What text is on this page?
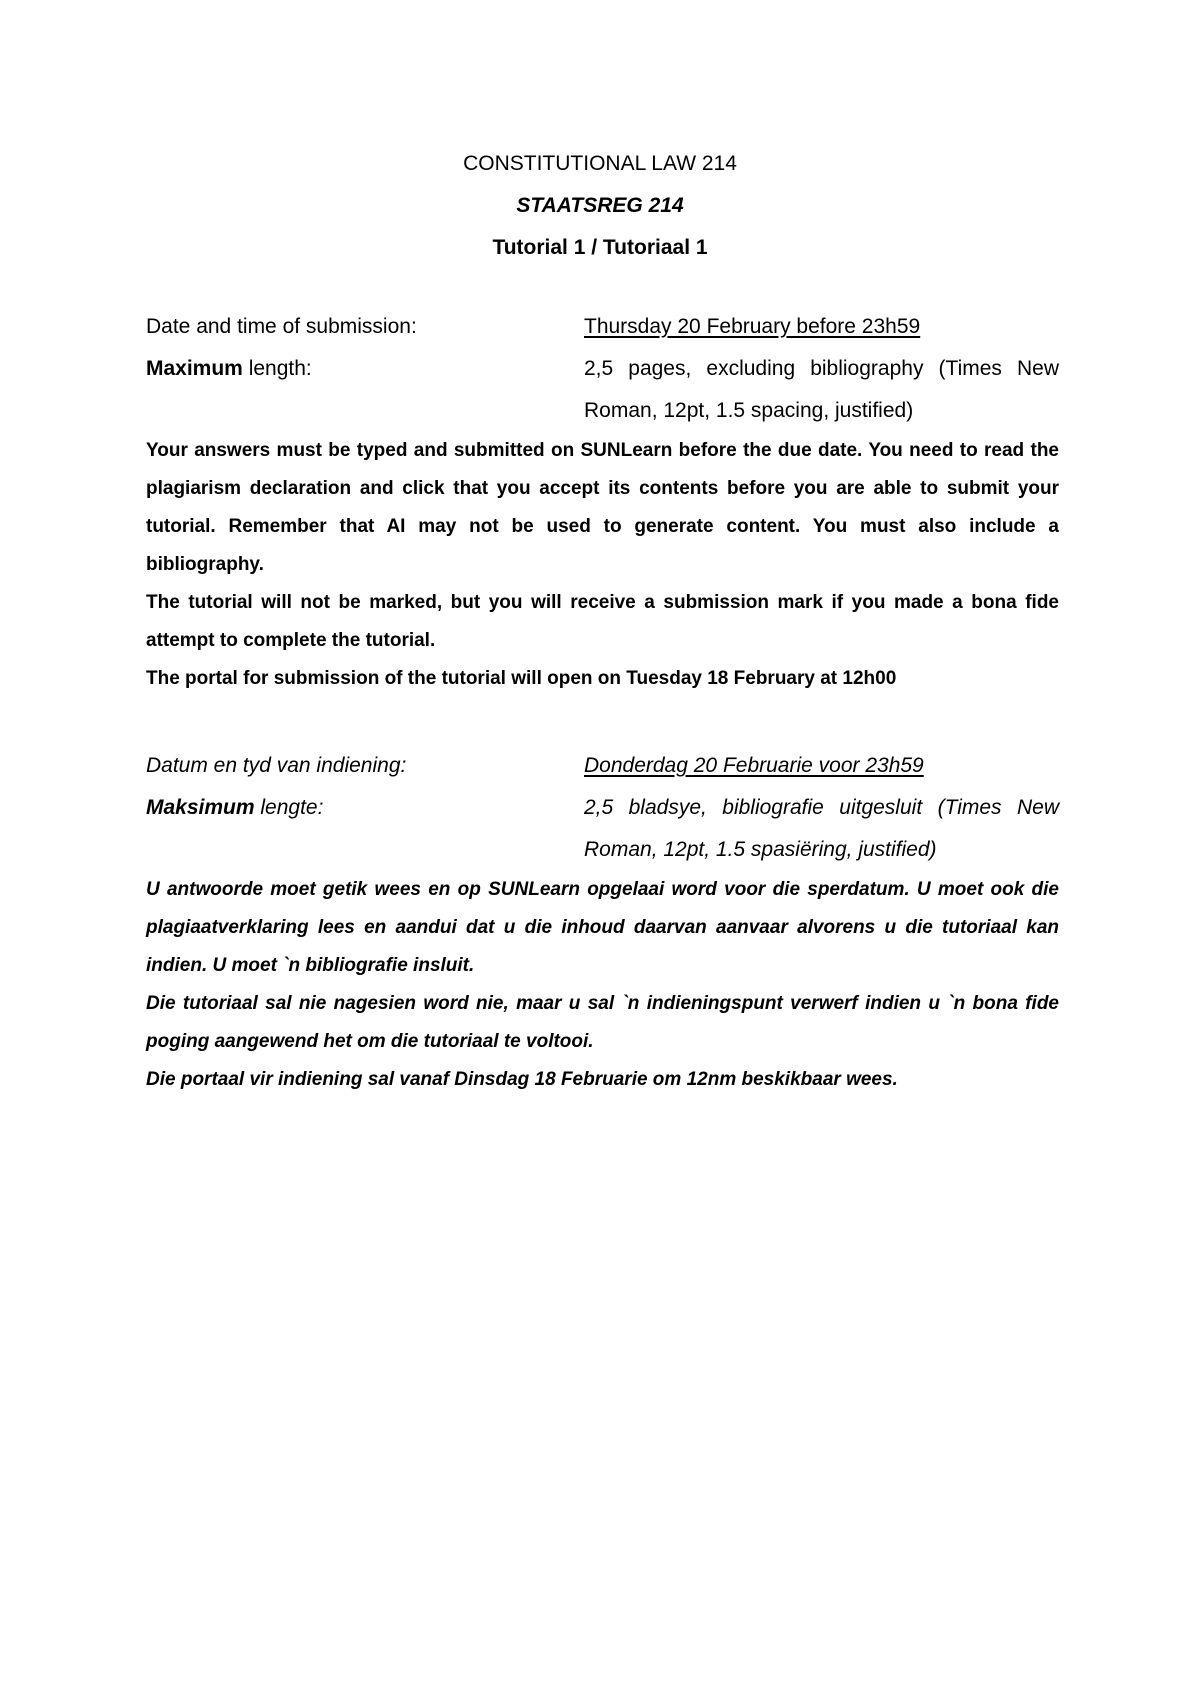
CONSTITUTIONAL LAW 214
STAATSREG 214
Tutorial 1 / Tutoriaal 1
Date and time of submission:	Thursday 20 February before 23h59
Maximum length:	2,5 pages, excluding bibliography (Times New Roman, 12pt, 1.5 spacing, justified)

Your answers must be typed and submitted on SUNLearn before the due date. You need to read the plagiarism declaration and click that you accept its contents before you are able to submit your tutorial. Remember that AI may not be used to generate content. You must also include a bibliography.

The tutorial will not be marked, but you will receive a submission mark if you made a bona fide attempt to complete the tutorial.

The portal for submission of the tutorial will open on Tuesday 18 February at 12h00

Datum en tyd van indiening:	Donderdag 20 Februarie voor 23h59
Maksimum lengte:	2,5 bladsye, bibliografie uitgesluit (Times New Roman, 12pt, 1.5 spasiëring, justified)

U antwoorde moet getik wees en op SUNLearn opgelaai word voor die sperdatum. U moet ook die plagiaatverklaring lees en aandui dat u die inhoud daarvan aanvaar alvorens u die tutoriaal kan indien. U moet `n bibliografie insluit.

Die tutoriaal sal nie nagesien word nie, maar u sal `n indieningspunt verwerf indien u `n bona fide poging aangewend het om die tutoriaal te voltooi.

Die portaal vir indiening sal vanaf Dinsdag 18 Februarie om 12nm beskikbaar wees.
